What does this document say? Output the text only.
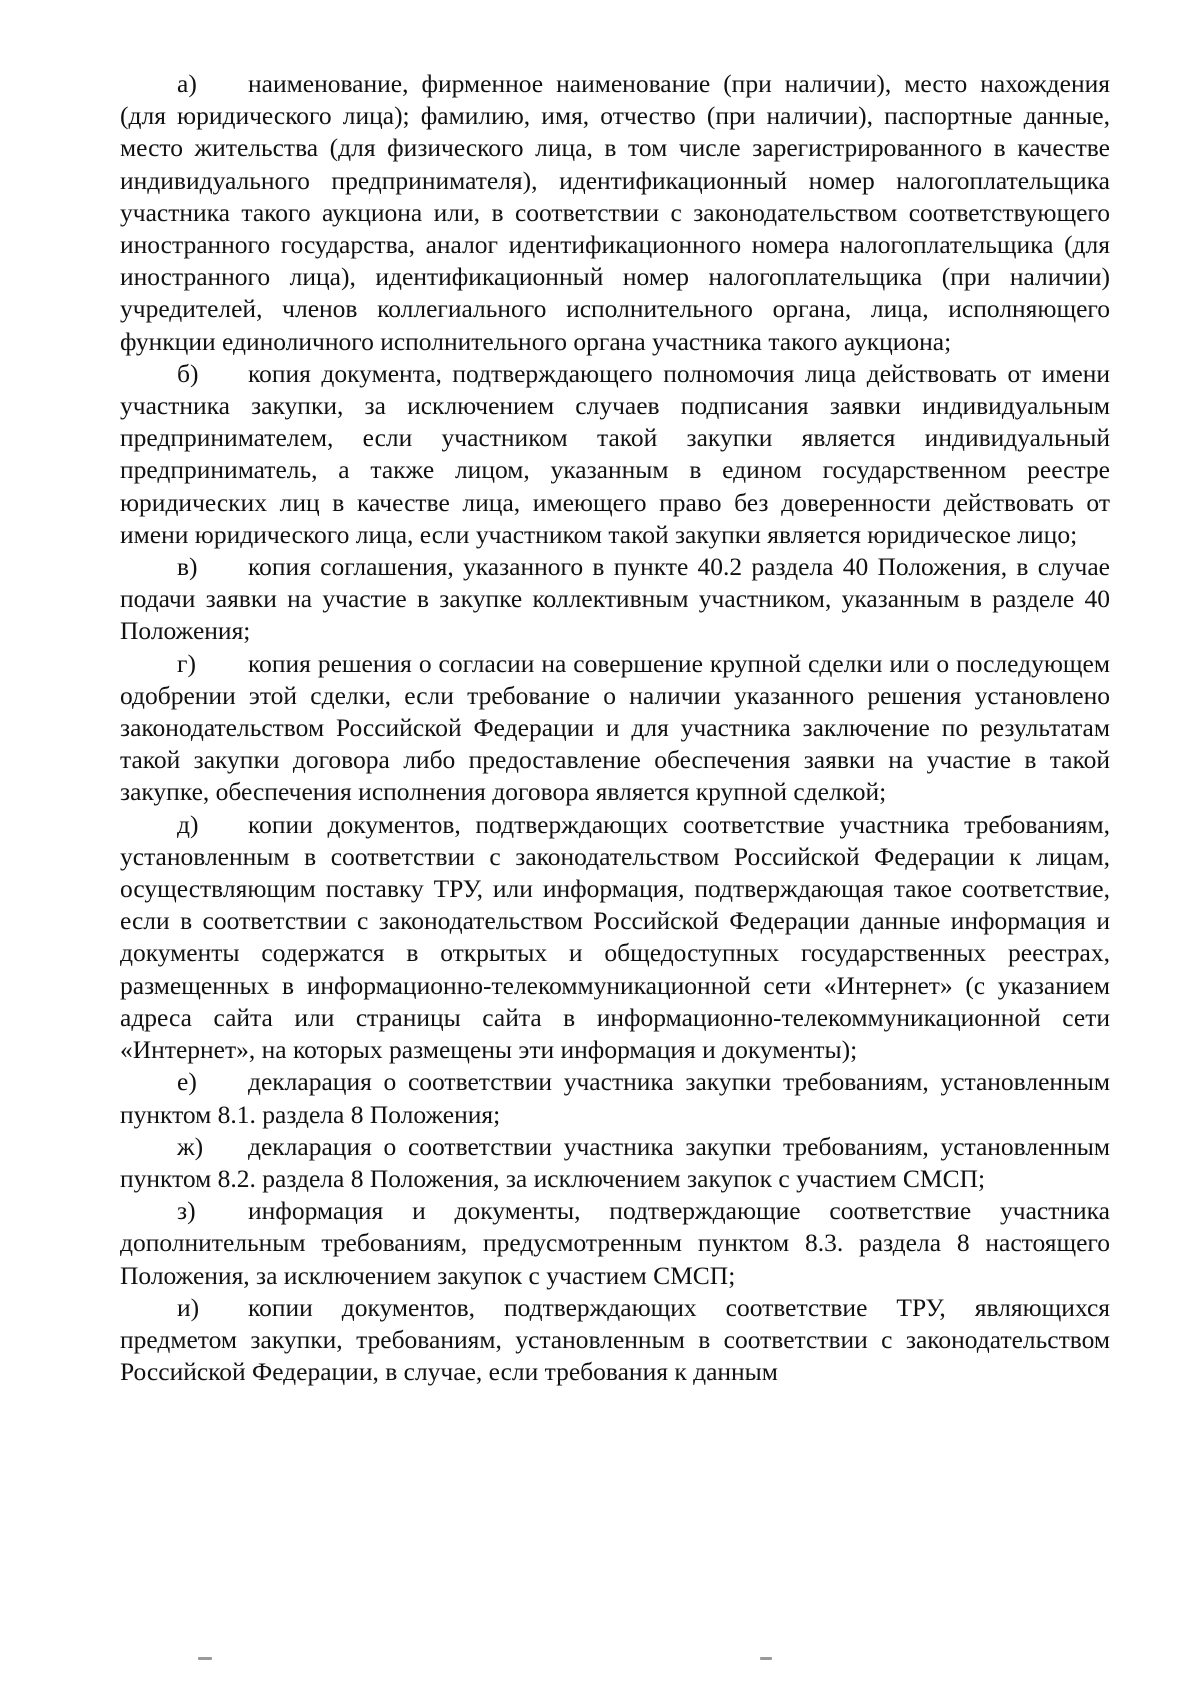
а) наименование, фирменное наименование (при наличии), место нахождения (для юридического лица); фамилию, имя, отчество (при наличии), паспортные данные, место жительства (для физического лица, в том числе зарегистрированного в качестве индивидуального предпринимателя), идентификационный номер налогоплательщика участника такого аукциона или, в соответствии с законодательством соответствующего иностранного государства, аналог идентификационного номера налогоплательщика (для иностранного лица), идентификационный номер налогоплательщика (при наличии) учредителей, членов коллегиального исполнительного органа, лица, исполняющего функции единоличного исполнительного органа участника такого аукциона;

б) копия документа, подтверждающего полномочия лица действовать от имени участника закупки, за исключением случаев подписания заявки индивидуальным предпринимателем, если участником такой закупки является индивидуальный предприниматель, а также лицом, указанным в едином государственном реестре юридических лиц в качестве лица, имеющего право без доверенности действовать от имени юридического лица, если участником такой закупки является юридическое лицо;

в) копия соглашения, указанного в пункте 40.2 раздела 40 Положения, в случае подачи заявки на участие в закупке коллективным участником, указанным в разделе 40 Положения;

г) копия решения о согласии на совершение крупной сделки или о последующем одобрении этой сделки, если требование о наличии указанного решения установлено законодательством Российской Федерации и для участника заключение по результатам такой закупки договора либо предоставление обеспечения заявки на участие в такой закупке, обеспечения исполнения договора является крупной сделкой;

д) копии документов, подтверждающих соответствие участника требованиям, установленным в соответствии с законодательством Российской Федерации к лицам, осуществляющим поставку ТРУ, или информация, подтверждающая такое соответствие, если в соответствии с законодательством Российской Федерации данные информация и документы содержатся в открытых и общедоступных государственных реестрах, размещенных в информационно-телекоммуникационной сети «Интернет» (с указанием адреса сайта или страницы сайта в информационно-телекоммуникационной сети «Интернет», на которых размещены эти информация и документы);

е) декларация о соответствии участника закупки требованиям, установленным пунктом 8.1. раздела 8 Положения;

ж) декларация о соответствии участника закупки требованиям, установленным пунктом 8.2. раздела 8 Положения, за исключением закупок с участием СМСП;

з) информация и документы, подтверждающие соответствие участника дополнительным требованиям, предусмотренным пунктом 8.3. раздела 8 настоящего Положения, за исключением закупок с участием СМСП;

и) копии документов, подтверждающих соответствие ТРУ, являющихся предметом закупки, требованиям, установленным в соответствии с законодательством Российской Федерации, в случае, если требования к данным
